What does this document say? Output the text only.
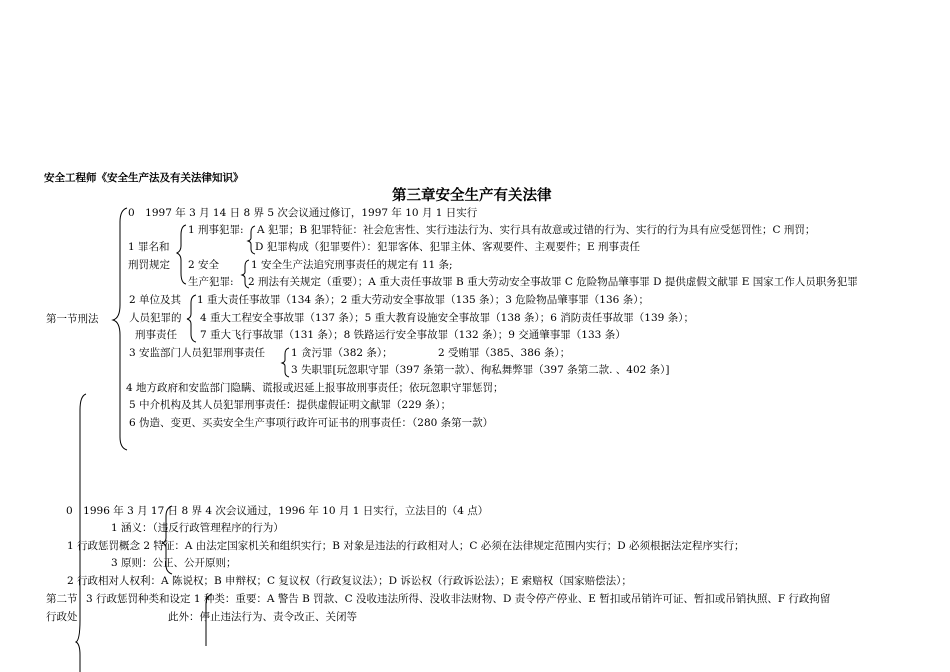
安全工程师《安全生产法及有关法律知识》
第三章安全生产有关法律
第一节刑法
0　1997 年 3 月 14 日 8 界 5 次会议通过修订，1997 年 10 月 1 日实行
1 罪名和
刑罚规定
1 刑事犯罪: A 犯罪；B 犯罪特征：社会危害性、实行违法行为、实行具有故意或过错的行为、实行的行为具有应受惩罚性；C 刑罚；
D 犯罪构成（犯罪要件）：犯罪客体、犯罪主体、客观要件、主观要件；E 刑事责任
2 安全
生产犯罪:
1 安全生产法追究刑事责任的规定有 11 条;
2 刑法有关规定（重要）；A 重大责任事故罪 B 重大劳动安全事故罪 C 危险物品肇事罪 D 提供虚假文献罪 E 国家工作人员职务犯罪
2 单位及其
人员犯罪的
刑事责任
1 重大责任事故罪（134 条）；2 重大劳动安全事故罪（135 条）；3 危险物品肇事罪（136 条）；
4 重大工程安全事故罪（137 条）；5 重大教育设施安全事故罪（138 条）；6 消防责任事故罪（139 条）；
7 重大飞行事故罪（131 条）；8 铁路运行安全事故罪（132 条）；9 交通肇事罪（133 条）
3 安监部门人员犯罪刑事责任 1 贪污罪（382 条）；	2 受贿罪（385、386 条）；
3 失职罪[玩忽职守罪（397 条第一款）、徇私舞弊罪（397 条第二款. 、402 条）]
4 地方政府和安监部门隐瞒、谎报或迟延上报事故刑事责任；依玩忽职守罪惩罚；
5 中介机构及其人员犯罪刑事责任：提供虚假证明文献罪（229 条）；
6 伪造、变更、买卖安全生产事项行政许可证书的刑事责任：（280 条第一款）
0　1996 年 3 月 17 日 8 界 4 次会议通过，1996 年 10 月 1 日实行，立法目的（4 点）
1 涵义：（违反行政管理程序的行为）
1 行政惩罚概念 2 特征：A 由法定国家机关和组织实行；B 对象是违法的行政相对人；C 必须在法律规定范围内实行；D 必须根据法定程序实行；
3 原则：公正、公开原则；
2 行政相对人权利：A 陈说权；B 申辩权；C 复议权（行政复议法）；D 诉讼权（行政诉讼法）；E 索赔权（国家赔偿法）；
第二节 3 行政惩罚种类和设定 1 种类：重要：A 警告 B 罚款、C 没收违法所得、没收非法财物、D 责令停产停业、E 暂扣或吊销许可证、暂扣或吊销执照、F 行政拘留
行政处	此外：停止违法行为、责令改正、关闭等
